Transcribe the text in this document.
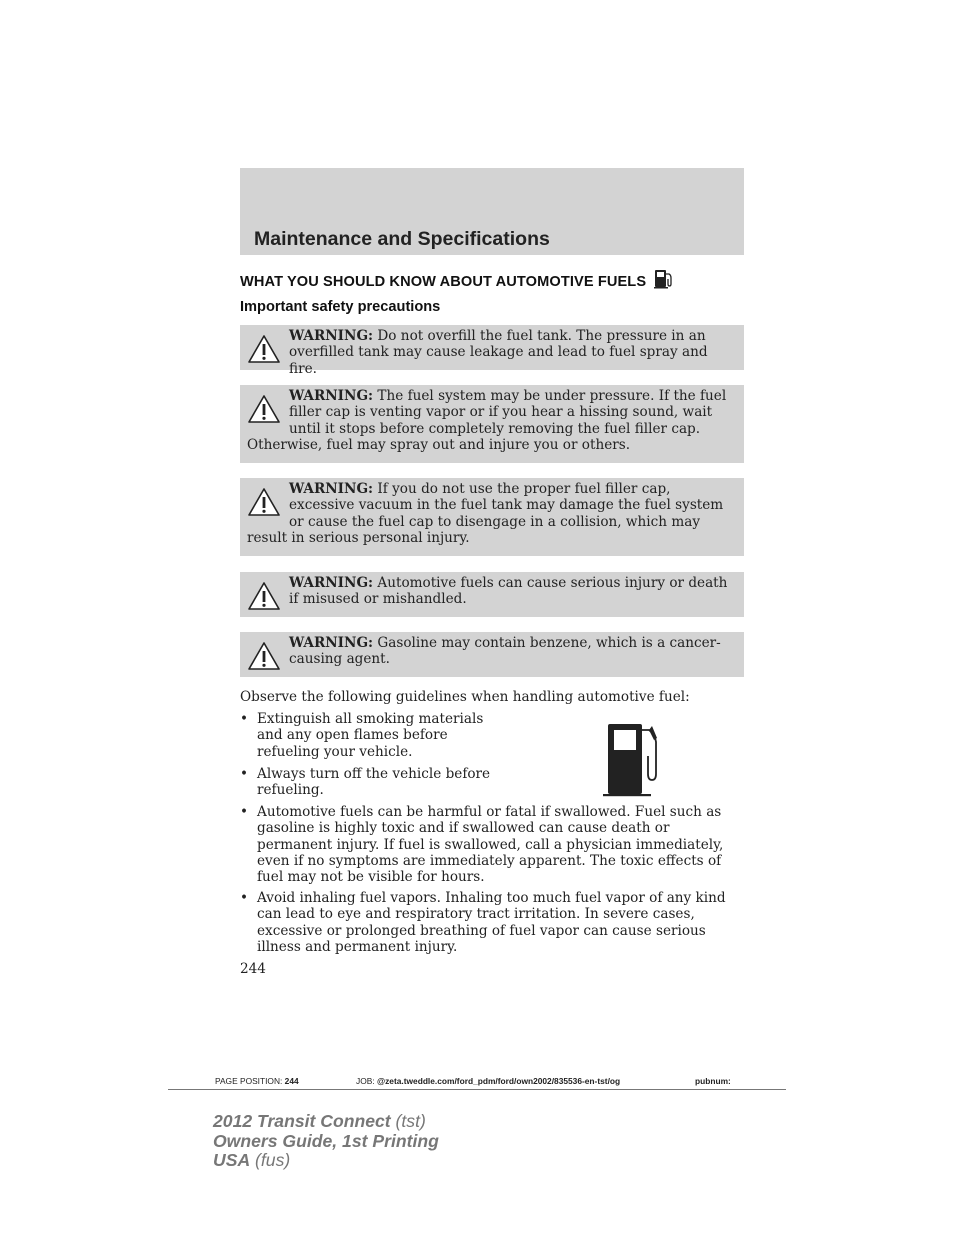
Maintenance and Specifications
WHAT YOU SHOULD KNOW ABOUT AUTOMOTIVE FUELS
Important safety precautions
WARNING: Do not overfill the fuel tank. The pressure in an overfilled tank may cause leakage and lead to fuel spray and fire.
WARNING: The fuel system may be under pressure. If the fuel filler cap is venting vapor or if you hear a hissing sound, wait until it stops before completely removing the fuel filler cap. Otherwise, fuel may spray out and injure you or others.
WARNING: If you do not use the proper fuel filler cap, excessive vacuum in the fuel tank may damage the fuel system or cause the fuel cap to disengage in a collision, which may result in serious personal injury.
WARNING: Automotive fuels can cause serious injury or death if misused or mishandled.
WARNING: Gasoline may contain benzene, which is a cancer-causing agent.
Observe the following guidelines when handling automotive fuel:
• Extinguish all smoking materials and any open flames before refueling your vehicle.
• Always turn off the vehicle before refueling.
• Automotive fuels can be harmful or fatal if swallowed. Fuel such as gasoline is highly toxic and if swallowed can cause death or permanent injury. If fuel is swallowed, call a physician immediately, even if no symptoms are immediately apparent. The toxic effects of fuel may not be visible for hours.
• Avoid inhaling fuel vapors. Inhaling too much fuel vapor of any kind can lead to eye and respiratory tract irritation. In severe cases, excessive or prolonged breathing of fuel vapor can cause serious illness and permanent injury.
244
PAGE POSITION: 244	JOB: @zeta.tweddle.com/ford_pdm/ford/own2002/835536-en-tst/og	pubnum:
2012 Transit Connect (tst)
Owners Guide, 1st Printing
USA (fus)
